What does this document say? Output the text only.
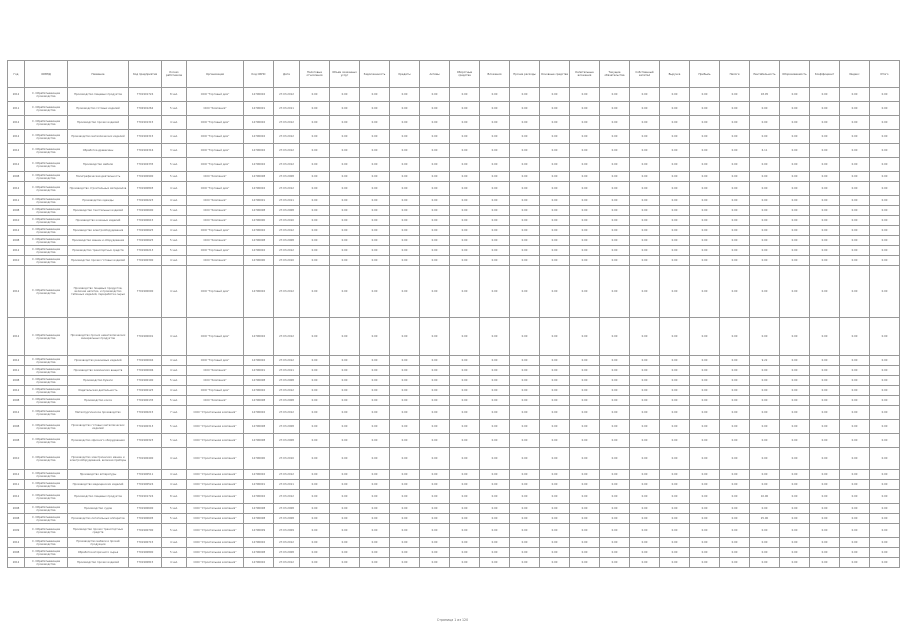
Год	ОКВЭД	Название	Код предприятия	Кол-во работников	Организация	Код ОКПО	Дата	Налоговые отчисления	Объем оказанных услуг	Задолженность	Кредиты	Активы	Оборотные средства	Вложения	Прочие расходы	Основные средства	Капитальные вложения	Текущие обязательства	Собственный капитал	Выручка	Прибыль	Налоги	Рентабельность	Оборачиваемость	Коэффициент	Индекс	Итого
2012	С. Обрабатывающие производства	Производство пищевых продуктов	7701901724	8 чел.	ООО "Торговый дом"	14790002	27.03.2012	0.00	0.00	0.00	0.00	0.00	0.00	0.00	0.00	0.00	0.00	0.00	0.00	0.00	0.00	0.00	18.05	0.00	0.00	0.00	0.00
2011	С. Обрабатывающие производства	Производство готовых изделий	7702901262	5 чел.	ООО "Компания"	14790001	27.03.2011	0.00	0.00	0.00	0.00	0.00	0.00	0.00	0.00	0.00	0.00	0.00	0.00	0.00	0.00	0.00	0.00	0.00	0.00	0.00	0.00
2012	С. Обрабатывающие производства	Производство прочих изделий	7701901315	4 чел.	ООО "Торговый дом"	14790002	27.03.2012	0.00	0.00	0.00	0.00	0.00	0.00	0.00	0.00	0.00	0.00	0.00	0.00	0.00	0.00	0.00	0.00	0.00	0.00	0.00	0.00
2012	С. Обрабатывающие производства	Производство металлических изделий	7701902315	4 чел.	ООО "Торговый дом"	14790002	27.03.2012	0.00	0.00	0.00	0.00	0.00	0.00	0.00	0.00	0.00	0.00	0.00	0.00	0.00	0.00	0.00	0.00	0.00	0.00	0.00	0.00
2012	С. Обрабатывающие производства	Обработка древесины	7701902316	3 чел.	ООО "Торговый дом"	14790002	27.03.2012	0.00	0.00	0.00	0.00	0.00	0.00	0.00	0.00	0.00	0.00	0.00	0.00	0.00	0.00	0.00	6.11	0.00	0.00	0.00	0.00
2012	С. Обрабатывающие производства	Производство мебели	7701902335	5 чел.	ООО "Торговый дом"	14790002	27.03.2012	0.00	0.00	0.00	0.00	0.00	0.00	0.00	0.00	0.00	0.00	0.00	0.00	0.00	0.00	0.00	0.00	0.00	0.00	0.00	0.00
2008	С. Обрабатывающие производства	Полиграфическая деятельность	7701900900	5 чел.	ООО "Компания"	14790008	27.03.2008	0.00	0.00	0.00	0.00	0.00	0.00	0.00	0.00	0.00	0.00	0.00	0.00	0.00	0.00	0.00	0.00	0.00	0.00	0.00	0.00
2012	С. Обрабатывающие производства	Производство строительных материалов	7701900803	4 чел.	ООО "Торговый дом"	14790002	27.03.2012	0.00	0.00	0.00	0.00	0.00	0.00	0.00	0.00	0.00	0.00	0.00	0.00	0.00	0.00	0.00	0.00	0.00	0.00	0.00	0.00
2011	С. Обрабатывающие производства	Производство одежды	7701900223	4 чел.	ООО "Компания"	14790001	27.03.2011	0.00	0.00	0.00	0.00	0.00	0.00	0.00	0.00	0.00	0.00	0.00	0.00	0.00	0.00	0.00	0.00	0.00	0.00	0.00	0.00
2008	С. Обрабатывающие производства	Производство текстильных изделий	7701900600	5 чел.	ООО "Компания"	14790008	27.03.2008	0.00	0.00	0.00	0.00	0.00	0.00	0.00	0.00	0.00	0.00	0.00	0.00	0.00	0.00	0.00	0.00	0.00	0.00	0.00	0.00
2010	С. Обрабатывающие производства	Производство кожаных изделий	7701900615	4 чел.	ООО "Компания"	14790000	27.03.2010	0.00	0.00	0.00	0.00	0.00	0.00	0.00	0.00	0.00	0.00	0.00	0.00	0.00	0.00	0.00	0.00	0.00	0.00	0.00	0.00
2012	С. Обрабатывающие производства	Производство электрооборудования	7701900625	4 чел.	ООО "Торговый дом"	14790002	27.03.2012	0.00	0.00	0.00	0.00	0.00	0.00	0.00	0.00	0.00	0.00	0.00	0.00	0.00	0.00	0.00	0.00	0.00	0.00	0.00	0.00
2008	С. Обрабатывающие производства	Производство машин и оборудования	7701900625	5 чел.	ООО "Компания"	14790008	27.03.2008	0.00	0.00	0.00	0.00	0.00	0.00	0.00	0.00	0.00	0.00	0.00	0.00	0.00	0.00	0.00	0.00	0.00	0.00	0.00	0.00
2012	С. Обрабатывающие производства	Производство транспортных средств	7701900213	5 чел.	ООО "Торговый дом"	14790002	27.03.2012	0.00	0.00	0.00	0.00	0.00	0.00	0.00	0.00	0.00	0.00	0.00	0.00	0.00	0.00	0.00	0.00	0.00	0.00	0.00	0.00
2010	С. Обрабатывающие производства	Производство прочих готовых изделий	7701900300	4 чел.	ООО "Компания"	14790000	27.03.2010	0.00	0.00	0.00	0.00	0.00	0.00	0.00	0.00	0.00	0.00	0.00	0.00	0.00	0.00	0.00	0.00	0.00	0.00	0.00	0.00
2012	С. Обрабатывающие производства	Производство пищевых продуктов, включая напитки, и производство табачных изделий, переработка сырья	7701900000	4 чел.	ООО "Торговый дом"	14790002	27.03.2012	0.00	0.00	0.00	0.00	0.00	0.00	0.00	0.00	0.00	0.00	0.00	0.00	0.00	0.00	0.00	0.00	0.00	0.00	0.00	0.00
2012	С. Обрабатывающие производства	Производство прочих неметаллических минеральных продуктов	7701900001	4 чел.	ООО "Торговый дом"	14790002	27.03.2012	0.00	0.00	0.00	0.00	0.00	0.00	0.00	0.00	0.00	0.00	0.00	0.00	0.00	0.00	0.00	0.00	0.00	0.00	0.00	0.00
2012	С. Обрабатывающие производства	Производство резиновых изделий	7701900004	4 чел.	ООО "Торговый дом"	14790002	27.03.2012	0.00	0.00	0.00	0.00	0.00	0.00	0.00	0.00	0.00	0.00	0.00	0.00	0.00	0.00	0.00	9.22	0.00	0.00	0.00	0.00
2011	С. Обрабатывающие производства	Производство химических веществ	7701900006	4 чел.	ООО "Компания"	14790001	27.03.2011	0.00	0.00	0.00	0.00	0.00	0.00	0.00	0.00	0.00	0.00	0.00	0.00	0.00	0.00	0.00	0.00	0.00	0.00	0.00	0.00
2008	С. Обрабатывающие производства	Производство бумаги	7701900100	5 чел.	ООО "Компания"	14790008	27.03.2008	0.00	0.00	0.00	0.00	0.00	0.00	0.00	0.00	0.00	0.00	0.00	0.00	0.00	0.00	0.00	0.00	0.00	0.00	0.00	0.00
2012	С. Обрабатывающие производства	Издательская деятельность	7701900125	4 чел.	ООО "Торговый дом"	14790002	27.03.2012	0.00	0.00	0.00	0.00	0.00	0.00	0.00	0.00	0.00	0.00	0.00	0.00	0.00	0.00	0.00	0.00	0.00	0.00	0.00	0.00
2008	С. Обрабатывающие производства	Производство кокса	7701900135	5 чел.	ООО "Компания"	14790008	27.03.2008	0.00	0.00	0.00	0.00	0.00	0.00	0.00	0.00	0.00	0.00	0.00	0.00	0.00	0.00	0.00	0.00	0.00	0.00	0.00	0.00
2012	С. Обрабатывающие производства	Металлургическое производство	7701900215	7 чел.	ООО "Строительная компания"	14790002	27.03.2012	0.00	0.00	0.00	0.00	0.00	0.00	0.00	0.00	0.00	0.00	0.00	0.00	0.00	0.00	0.00	0.00	0.00	0.00	0.00	0.00
2008	С. Обрабатывающие производства	Производство готовых металлических изделий	7701900313	5 чел.	ООО "Строительная компания"	14790008	27.03.2008	0.00	0.00	0.00	0.00	0.00	0.00	0.00	0.00	0.00	0.00	0.00	0.00	0.00	0.00	0.00	0.00	0.00	0.00	0.00	0.00
2008	С. Обрабатывающие производства	Производство офисного оборудования	7701900323	5 чел.	ООО "Строительная компания"	14790008	27.03.2008	0.00	0.00	0.00	0.00	0.00	0.00	0.00	0.00	0.00	0.00	0.00	0.00	0.00	0.00	0.00	0.00	0.00	0.00	0.00	0.00
2010	С. Обрабатывающие производства	Производство электрических машин и электрооборудования, включая приборы	7701900400	4 чел.	ООО "Строительная компания"	14790000	27.03.2010	0.00	0.00	0.00	0.00	0.00	0.00	0.00	0.00	0.00	0.00	0.00	0.00	0.00	0.00	0.00	0.00	0.00	0.00	0.00	0.00
2012	С. Обрабатывающие производства	Производство аппаратуры	7701900511	4 чел.	ООО "Строительная компания"	14790002	27.03.2012	0.00	0.00	0.00	0.00	0.00	0.00	0.00	0.00	0.00	0.00	0.00	0.00	0.00	0.00	0.00	0.00	0.00	0.00	0.00	0.00
2011	С. Обрабатывающие производства	Производство медицинских изделий	7701900524	4 чел.	ООО "Строительная компания"	14790001	27.03.2011	0.00	0.00	0.00	0.00	0.00	0.00	0.00	0.00	0.00	0.00	0.00	0.00	0.00	0.00	0.00	0.00	0.00	0.00	0.00	0.00
2012	С. Обрабатывающие производства	Производство пищевых продуктов	7701901724	8 чел.	ООО "Строительная компания"	14790002	27.03.2012	0.00	0.00	0.00	0.00	0.00	0.00	0.00	0.00	0.00	0.00	0.00	0.00	0.00	0.00	0.00	10.00	0.00	0.00	0.00	0.00
2008	С. Обрабатывающие производства	Производство судов	7701900600	5 чел.	ООО "Строительная компания"	14790008	27.03.2008	0.00	0.00	0.00	0.00	0.00	0.00	0.00	0.00	0.00	0.00	0.00	0.00	0.00	0.00	0.00	0.00	0.00	0.00	0.00	0.00
2008	С. Обрабатывающие производства	Производство летательных аппаратов	7701900605	5 чел.	ООО "Строительная компания"	14790008	27.03.2008	0.00	0.00	0.00	0.00	0.00	0.00	0.00	0.00	0.00	0.00	0.00	0.00	0.00	0.00	0.00	25.00	0.00	0.00	0.00	0.00
2009	С. Обрабатывающие производства	Производство прочих транспортных средств	7701900700	5 чел.	ООО "Строительная компания"	14790009	27.03.2009	0.00	0.00	0.00	0.00	0.00	0.00	0.00	0.00	0.00	0.00	0.00	0.00	0.00	0.00	0.00	0.00	0.00	0.00	0.00	0.00
2012	С. Обрабатывающие производства	Производство мебели и прочей продукции	7701900715	4 чел.	ООО "Строительная компания"	14790002	27.03.2012	0.00	0.00	0.00	0.00	0.00	0.00	0.00	0.00	0.00	0.00	0.00	0.00	0.00	0.00	0.00	0.00	0.00	0.00	0.00	0.00
2008	С. Обрабатывающие производства	Обработка вторичного сырья	7701900800	5 чел.	ООО "Строительная компания"	14790008	27.03.2008	0.00	0.00	0.00	0.00	0.00	0.00	0.00	0.00	0.00	0.00	0.00	0.00	0.00	0.00	0.00	0.00	0.00	0.00	0.00	0.00
2012	С. Обрабатывающие производства	Производство прочих изделий	7701900815	4 чел.	ООО "Строительная компания"	14790002	27.03.2012	0.00	0.00	0.00	0.00	0.00	0.00	0.00	0.00	0.00	0.00	0.00	0.00	0.00	0.00	0.00	0.00	0.00	0.00	0.00	0.00
Страница 1 из 120
